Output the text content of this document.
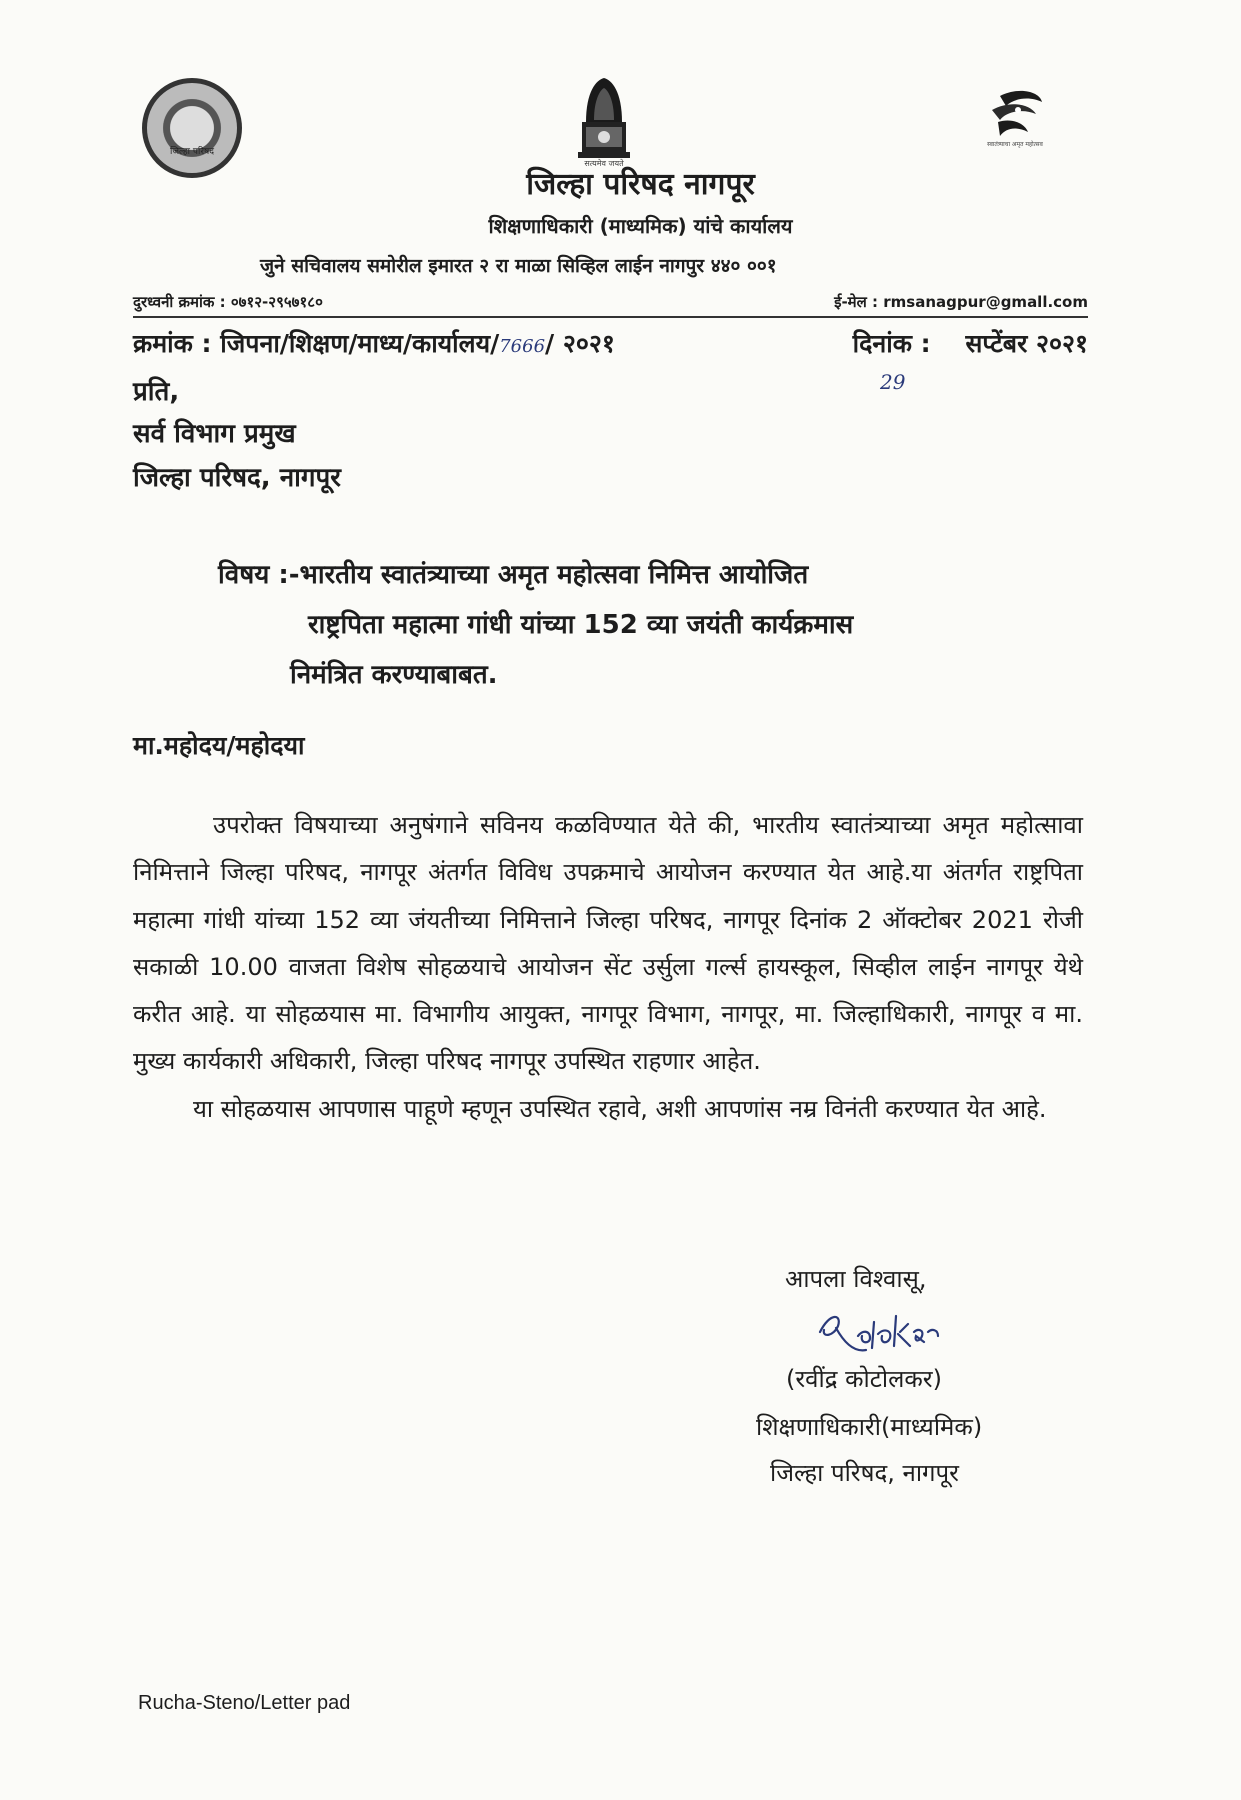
जिल्हा परिषद
सत्यमेव जयते
स्वातंत्र्याचा अमृत महोत्सव
जिल्हा परिषद नागपूर
शिक्षणाधिकारी (माध्यमिक) यांचे कार्यालय
जुने सचिवालय समोरील इमारत २ रा माळा सिव्हिल लाईन नागपुर ४४० ००१
दुरध्वनी क्रमांक : ०७१२-२९५७१८०	ई-मेल : rmsanagpur@gmall.com
क्रमांक : जिपना/शिक्षण/माध्य/कार्यालय/7666/ २०२१	दिनांक : सप्टेंबर २०२१
29
प्रति,
सर्व विभाग प्रमुख
जिल्हा परिषद, नागपूर
विषय :-भारतीय स्वातंत्र्याच्या अमृत महोत्सवा निमित्त आयोजित
राष्ट्रपिता महात्मा गांधी यांच्या 152 व्या जयंती कार्यक्रमास
निमंत्रित करण्याबाबत.
मा.महोदय/महोदया

उपरोक्त विषयाच्या अनुषंगाने सविनय कळविण्यात येते की, भारतीय स्वातंत्र्याच्या अमृत महोत्सावा निमित्ताने जिल्हा परिषद, नागपूर अंतर्गत विविध उपक्रमाचे आयोजन करण्यात येत आहे.या अंतर्गत राष्ट्रपिता महात्मा गांधी यांच्या 152 व्या जंयतीच्या निमित्ताने जिल्हा परिषद, नागपूर दिनांक 2 ऑक्टोबर 2021 रोजी सकाळी 10.00 वाजता विशेष सोहळयाचे आयोजन सेंट उर्सुला गर्ल्स हायस्कूल, सिव्हील लाईन नागपूर येथे करीत आहे. या सोहळयास मा. विभागीय आयुक्त, नागपूर विभाग, नागपूर, मा. जिल्हाधिकारी, नागपूर व मा. मुख्य कार्यकारी अधिकारी, जिल्हा परिषद नागपूर उपस्थित राहणार आहेत.

या सोहळयास आपणास पाहूणे म्हणून उपस्थित रहावे, अशी आपणांस नम्र विनंती करण्यात येत आहे.

आपला विश्वासू,
(रवींद्र कोटोलकर)
शिक्षणाधिकारी(माध्यमिक)
जिल्हा परिषद, नागपूर
Rucha-Steno/Letter pad
